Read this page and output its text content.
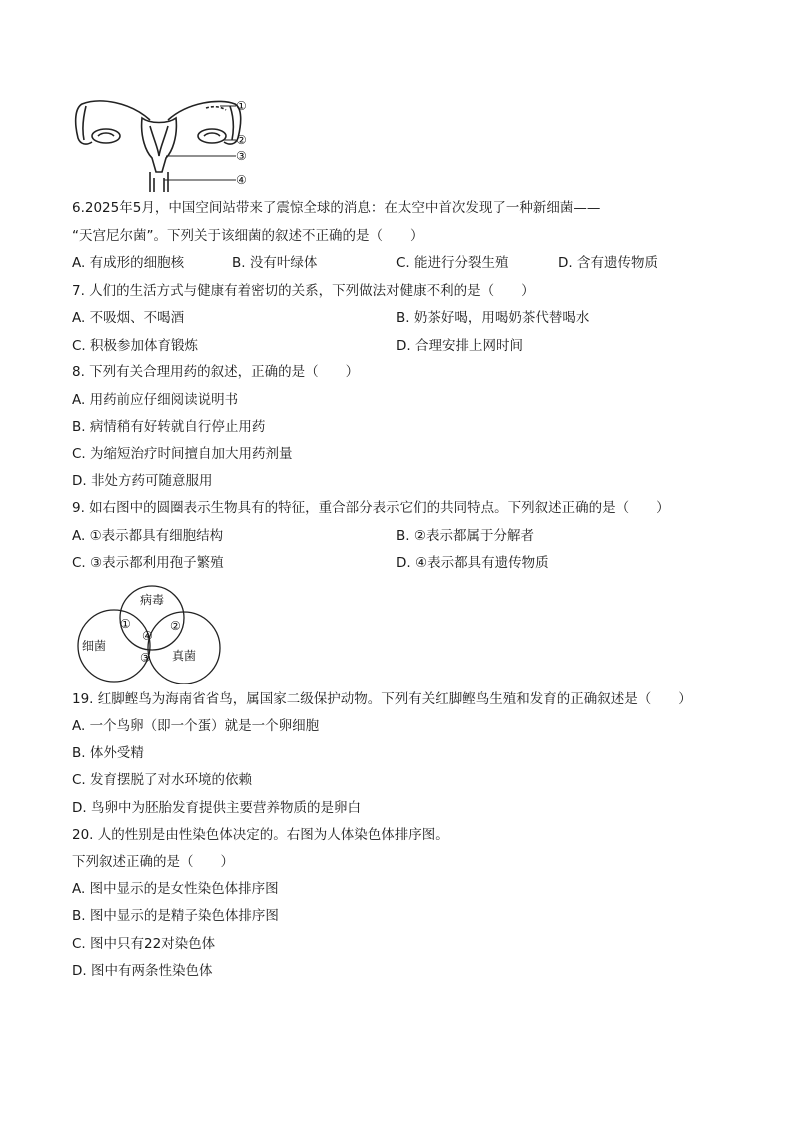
①
②
③
④
6.2025年5月，中国空间站带来了震惊全球的消息：在太空中首次发现了一种新细菌——
“天宫尼尔菌”。下列关于该细菌的叙述不正确的是（　　）
A. 有成形的细胞核	B. 没有叶绿体	C. 能进行分裂生殖	D. 含有遗传物质
7. 人们的生活方式与健康有着密切的关系，下列做法对健康不利的是（　　）
A. 不吸烟、不喝酒	B. 奶茶好喝，用喝奶茶代替喝水
C. 积极参加体育锻炼	D. 合理安排上网时间
8. 下列有关合理用药的叙述，正确的是（　　）
A. 用药前应仔细阅读说明书
B. 病情稍有好转就自行停止用药
C. 为缩短治疗时间擅自加大用药剂量
D. 非处方药可随意服用
9. 如右图中的圆圈表示生物具有的特征，重合部分表示它们的共同特点。下列叙述正确的是（　　）
A. ①表示都具有细胞结构	B. ②表示都属于分解者
C. ③表示都利用孢子繁殖	D. ④表示都具有遗传物质
病毒
细菌
真菌
①	②
③
④
19. 红脚鲣鸟为海南省省鸟，属国家二级保护动物。下列有关红脚鲣鸟生殖和发育的正确叙述是（　　）
A. 一个鸟卵（即一个蛋）就是一个卵细胞
B. 体外受精
C. 发育摆脱了对水环境的依赖
D. 鸟卵中为胚胎发育提供主要营养物质的是卵白
20. 人的性别是由性染色体决定的。右图为人体染色体排序图。
下列叙述正确的是（　　）
A. 图中显示的是女性染色体排序图
B. 图中显示的是精子染色体排序图
C. 图中只有22对染色体
D. 图中有两条性染色体
